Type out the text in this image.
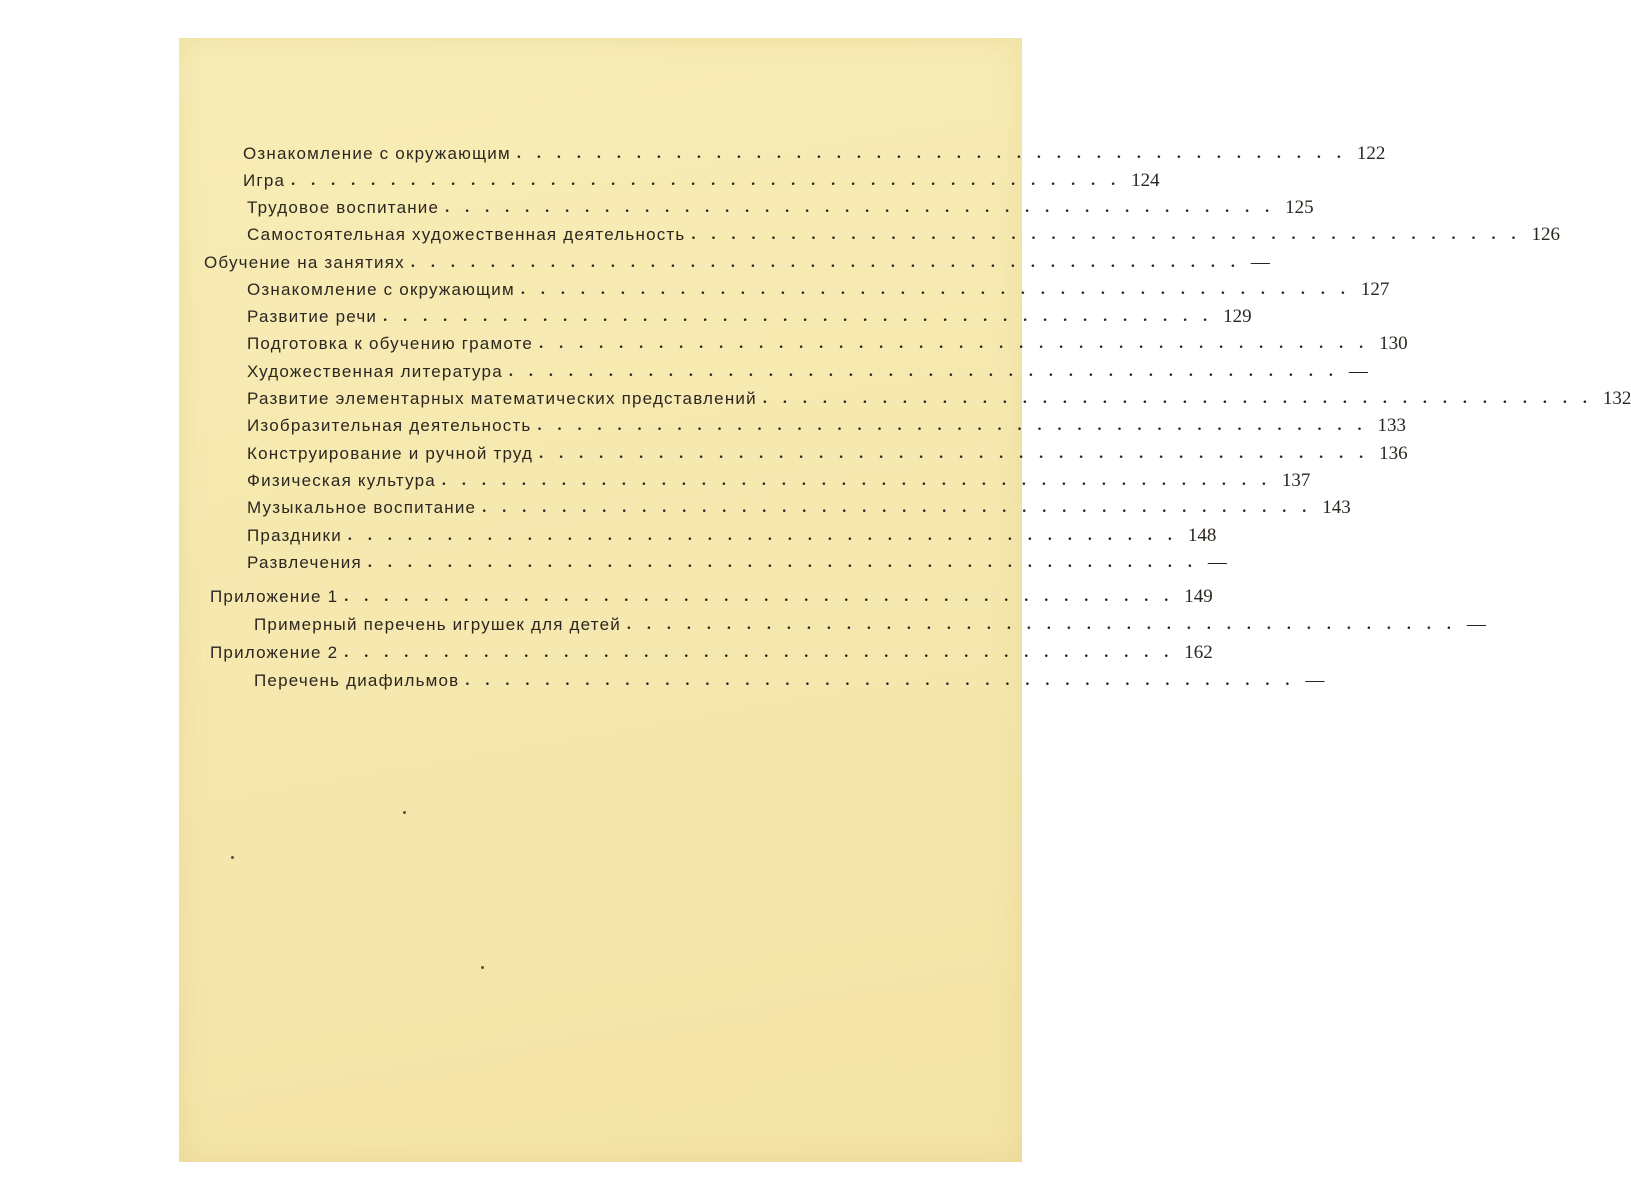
Ознакомление с окружающим .......................................... 122
Игра .......................................... 124
Трудовое воспитание .......................................... 125
Самостоятельная художественная деятельность .......................................... 126
Обучение на занятиях .......................................... —
Ознакомление с окружающим .......................................... 127
Развитие речи .......................................... 129
Подготовка к обучению грамоте .......................................... 130
Художественная литература .......................................... —
Развитие элементарных математических представлений .......................................... 132
Изобразительная деятельность .......................................... 133
Конструирование и ручной труд .......................................... 136
Физическая культура .......................................... 137
Музыкальное воспитание .......................................... 143
Праздники .......................................... 148
Развлечения .......................................... —
Приложение 1 .......................................... 149
Примерный перечень игрушек для детей .......................................... —
Приложение 2 .......................................... 162
Перечень диафильмов .......................................... —
